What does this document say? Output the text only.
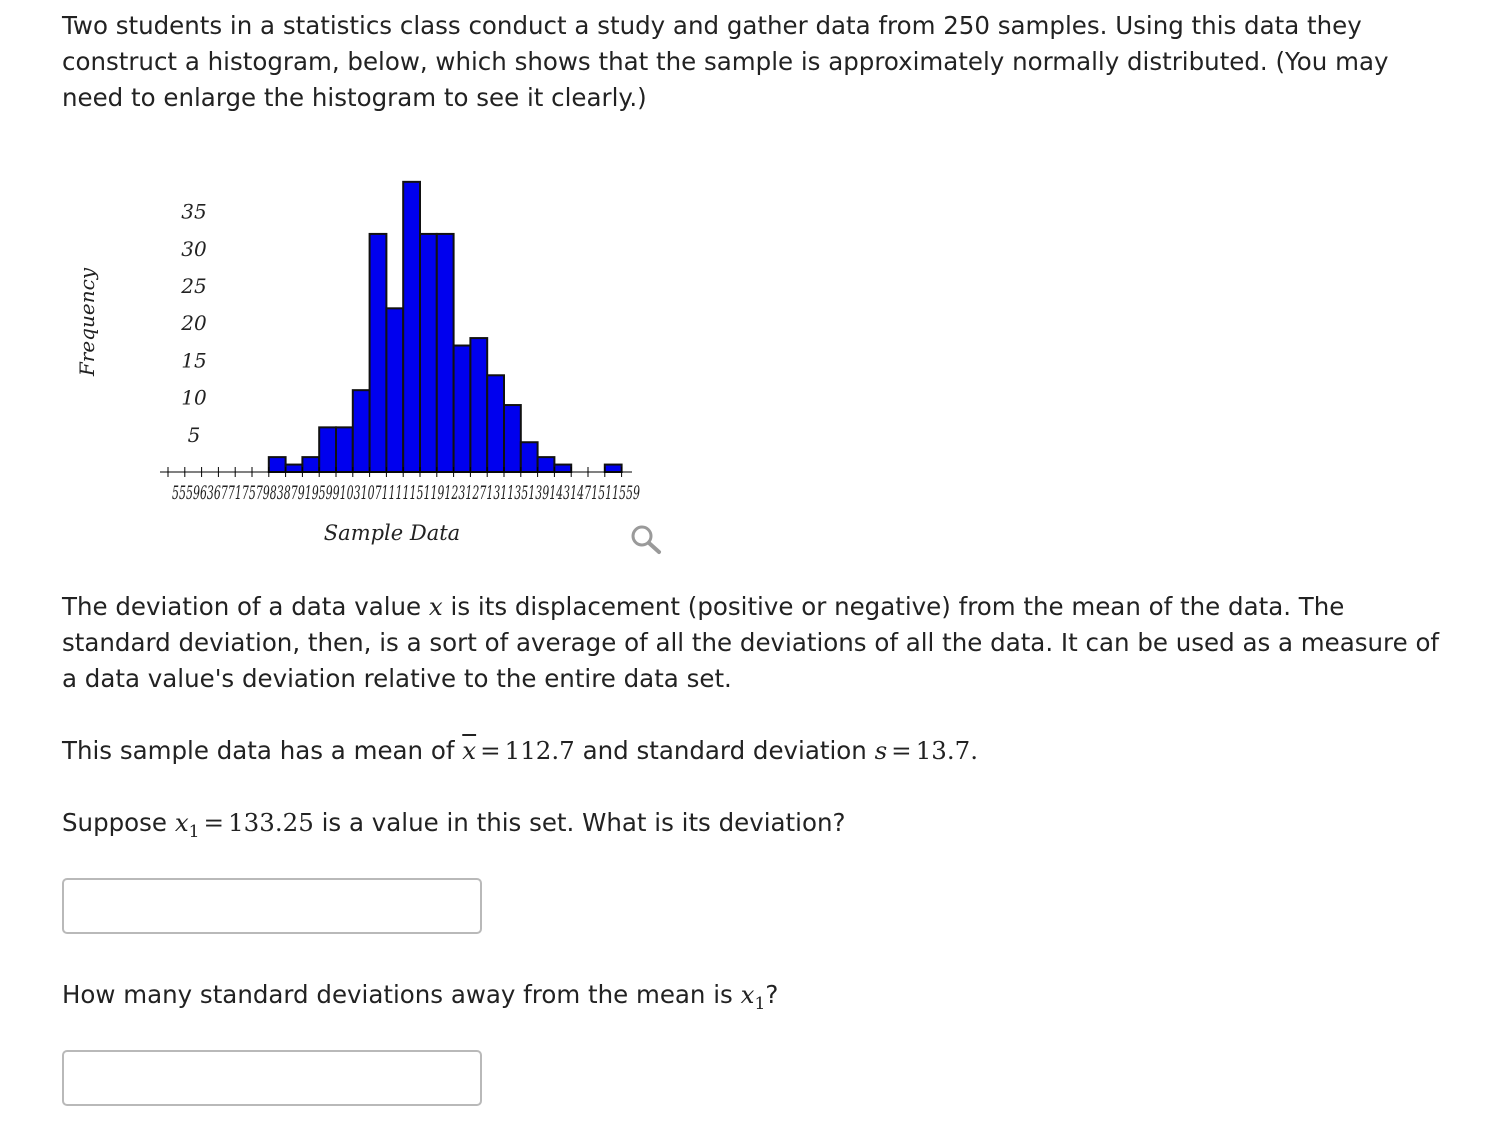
Two students in a statistics class conduct a study and gather data from 250 samples. Using this data they construct a histogram, below, which shows that the sample is approximately normally distributed. (You may need to enlarge the histogram to see it clearly.)

5
10
15
20
25
30
35
Frequency
Sample Data
5559636771757983879195991031071111151191231271311351391431471511559

The deviation of a data value x is its displacement (positive or negative) from the mean of the data. The standard deviation, then, is a sort of average of all the deviations of all the data. It can be used as a measure of a data value's deviation relative to the entire data set.

This sample data has a mean of $\overline{x} = 112.7$ and standard deviation s = 13.7.

Suppose $x_1 = 133.25$ is a value in this set. What is its deviation?

How many standard deviations away from the mean is $x_1$?
